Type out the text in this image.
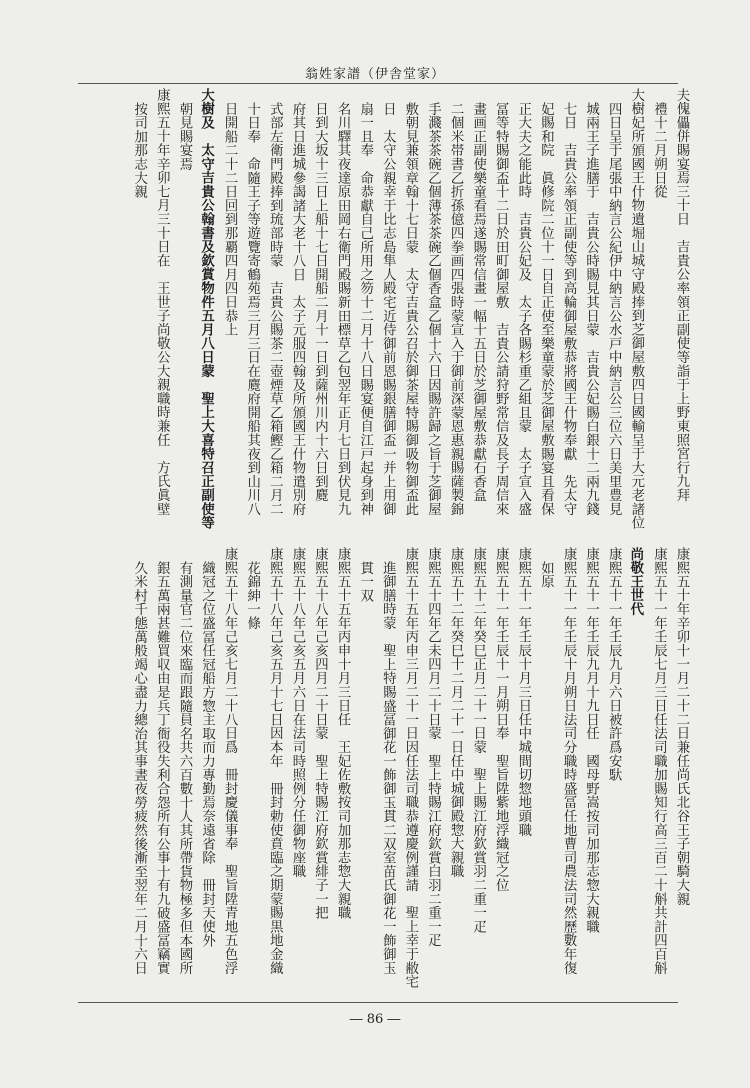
翁姓家譜（伊舎堂家）
夫傀儡併賜宴焉三十日　吉貴公率領正副使等詣于上野東照宮行九拜
禮十二月朔日從
大樹妃所頒國王什物遺堀山城守殿捧到芝御屋敷四日國輸呈于大元老諸位
四日呈于尾張中納言公紀伊中納言公水戸中納言公三位六日美里豊見
城兩王子進膳于　吉貴公時賜見其日蒙　吉貴公妃賜白銀十二兩九錢
七日　吉貴公率領正副使等到高輪御屋敷恭將國王什物奉獻　先太守
妃賜和院　眞修院二位十一日自正使至樂童蒙於芝御屋敷賜宴且看保
正大夫之能此時　吉貴公妃及　太子各賜杉重乙組且蒙　太子宣入盛
冨等特賜御盃十二日於田町御屋敷　吉貴公請狩野常信及長子周信來
畫画正副使樂童看焉遂賜常信畫一幅十五日於芝御屋敷恭獻石香盒
二個米帯書乙折孫億四拳画四張時蒙宣入于御前深蒙恩惠親賜薩製錦
手濺茶茶碗乙個薄茶茶碗乙個香盒乙個十六日因賜許歸之旨于芝御屋
敷朝見兼領章翰十七日蒙　太守吉貴公召於御茶屋特賜御吸物御盃此
日　太守公親幸于比志島隼人殿宅近侍御前恩賜銀膳御盃一并上用御
扇一且奉　命恭獻自己所用之笏十二月十八日賜宴便自江戸起身到神
名川驛其夜達原田岡右衛門殿賜新田標草乙包翌年正月七日到伏見九
日到大坂十三日上船十七日開船二月十一日到薩州川内十六日到麑
府其日進城參謁諸大老十八日　太子元服四翰及所頒國王什物遣別府
式部左衛門殿捧到琉部時蒙　吉貴公賜茶二壺煙草乙箱鰹乙箱二月二
十日奉　命隨王子等遊覽寄鶴苑焉三月三日在麑府開船其夜到山川八
日開船二十二日回到那覇四月四日恭上
大樹及　太守吉貴公翰書及欽賞物件五月八日蒙　聖上大喜特召正副使等
朝見賜宴焉
康熙五十年辛卯七月三十日在　王世子尚敬公大親職時兼任　方氏眞壁
按司加那志大親
康熙五十年辛卯十一月二十二日兼任尚氏北谷王子朝騎大親
康熙五十一年壬辰七月三日任法司職加賜知行高三百二十斛共計四百斛
尚敬王世代
康熙五十一年壬辰九月六日被許爲安馱
康熙五十一年壬辰九月十九日任　國母野嵩按司加那志惣大親職
康熙五十一年壬辰十月朔日法司分職時盛冨任地曹司農法司然歷數年復
如原
康熙五十一年壬辰十月三日任中城間切惣地頭職
康熙五十一年壬辰十一月朔日奉　聖旨陞紫地浮織冠之位
康熙五十二年癸巳正月二十一日蒙　聖上賜江府欽賞羽二重一疋
康熙五十二年癸巳十二月二十一日任中城御殿惣大親職
康熙五十四年乙未四月二十日蒙　聖上特賜江府欽賞白羽二重一疋
康熙五十五年丙申三月二十一日因任法司職恭遵慶例謹請　聖上幸于敝宅
進御膳時蒙　聖上特賜盛冨御花一飾御玉貫二双室苗氏御花一飾御玉
貫一双
康熙五十五年丙申十月三日任　王妃佐敷按司加那志惣大親職
康熙五十八年己亥四月二十日蒙　聖上特賜江府欽賞緋子一把
康熙五十八年己亥五月六日在法司時照例分任御物座職
康熙五十八年己亥五月十七日因本年　冊封勅使賁臨之期蒙賜黒地金織
花錦紳一條
康熙五十八年己亥七月二十八日爲　冊封慶儀事奉　聖旨陞青地五色浮
織冠之位盛冨任冠船方惣主取而力專勤焉奈遠省除　冊封天使外
有測量官二位來臨而跟隨員名共六百數十人其所帶貨物極多但本國所
銀五萬兩甚難買収由是兵丁衙役失利合怨所有公事十有九破盛冨竊實
久米村千態萬般竭心盡力總治其事晝夜勞疲然後漸至翌年二月十六日
― 86 ―
